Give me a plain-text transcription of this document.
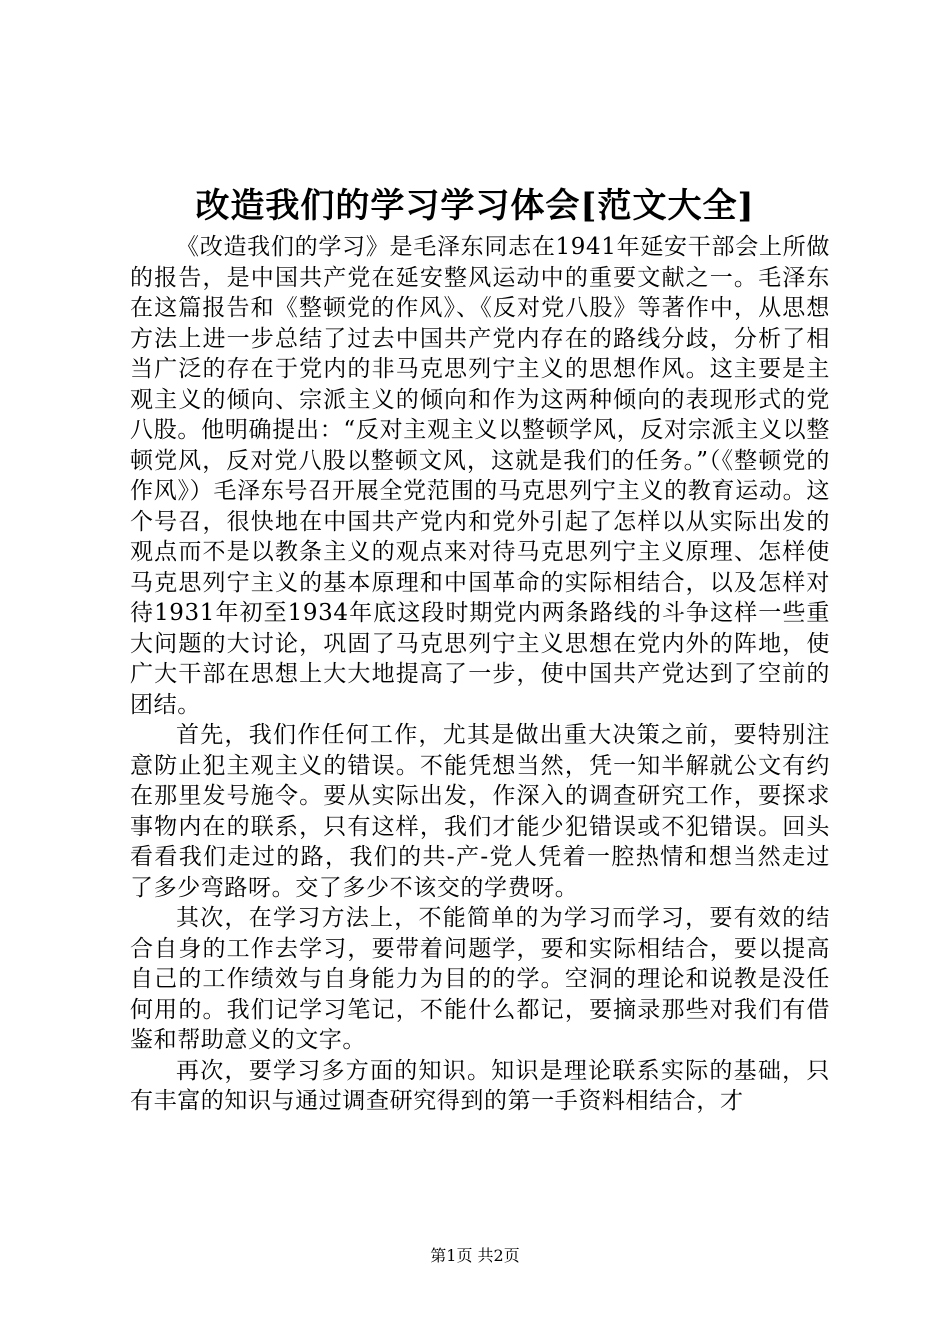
改造我们的学习学习体会[范文大全]

《改造我们的学习》是毛泽东同志在1941年延安干部会上所做的报告，是中国共产党在延安整风运动中的重要文献之一。毛泽东在这篇报告和《整顿党的作风》、《反对党八股》等著作中，从思想方法上进一步总结了过去中国共产党内存在的路线分歧，分析了相当广泛的存在于党内的非马克思列宁主义的思想作风。这主要是主观主义的倾向、宗派主义的倾向和作为这两种倾向的表现形式的党八股。他明确提出：“反对主观主义以整顿学风，反对宗派主义以整顿党风，反对党八股以整顿文风，这就是我们的任务。”（《整顿党的作风》）毛泽东号召开展全党范围的马克思列宁主义的教育运动。这个号召，很快地在中国共产党内和党外引起了怎样以从实际出发的观点而不是以教条主义的观点来对待马克思列宁主义原理、怎样使马克思列宁主义的基本原理和中国革命的实际相结合，以及怎样对待1931年初至1934年底这段时期党内两条路线的斗争这样一些重大问题的大讨论，巩固了马克思列宁主义思想在党内外的阵地，使广大干部在思想上大大地提高了一步，使中国共产党达到了空前的团结。

首先，我们作任何工作，尤其是做出重大决策之前，要特别注意防止犯主观主义的错误。不能凭想当然，凭一知半解就公文有约在那里发号施令。要从实际出发，作深入的调查研究工作，要探求事物内在的联系，只有这样，我们才能少犯错误或不犯错误。回头看看我们走过的路，我们的共-产-党人凭着一腔热情和想当然走过了多少弯路呀。交了多少不该交的学费呀。

其次，在学习方法上，不能简单的为学习而学习，要有效的结合自身的工作去学习，要带着问题学，要和实际相结合，要以提高自己的工作绩效与自身能力为目的的学。空洞的理论和说教是没任何用的。我们记学习笔记，不能什么都记，要摘录那些对我们有借鉴和帮助意义的文字。

再次，要学习多方面的知识。知识是理论联系实际的基础，只有丰富的知识与通过调查研究得到的第一手资料相结合，才

第1页 共2页
